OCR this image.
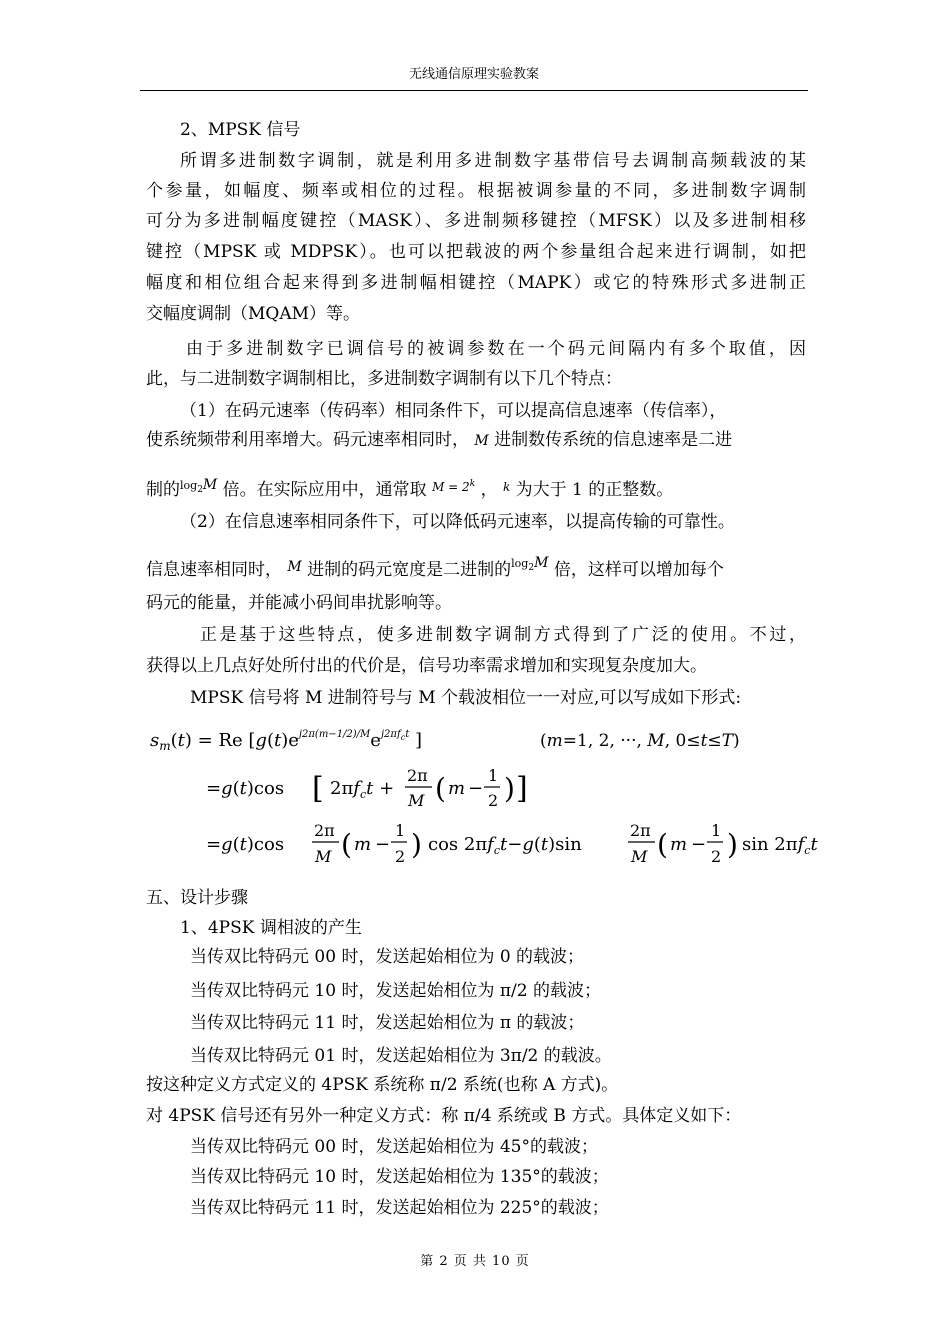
无线通信原理实验教案
2、MPSK 信号
所谓多进制数字调制，就是利用多进制数字基带信号去调制高频载波的某
个参量，如幅度、频率或相位的过程。根据被调参量的不同，多进制数字调制
可分为多进制幅度键控（MASK）、多进制频移键控（MFSK）以及多进制相移
键控（MPSK 或 MDPSK）。也可以把载波的两个参量组合起来进行调制，如把
幅度和相位组合起来得到多进制幅相键控（MAPK）或它的特殊形式多进制正
交幅度调制（MQAM）等。
由于多进制数字已调信号的被调参数在一个码元间隔内有多个取值，因
此，与二进制数字调制相比，多进制数字调制有以下几个特点：
（1）在码元速率（传码率）相同条件下，可以提高信息速率（传信率），
使系统频带利用率增大。码元速率相同时， M 进制数传系统的信息速率是二进
制的$^{log_2M}$ 倍。在实际应用中，通常取 $^{M = 2^k}$ ， $^k$ 为大于 1 的正整数。
（2）在信息速率相同条件下，可以降低码元速率，以提高传输的可靠性。
信息速率相同时， $^M$ 进制的码元宽度是二进制的$^{log_2M}$ 倍，这样可以增加每个
码元的能量，并能减小码间串扰影响等。
正是基于这些特点，使多进制数字调制方式得到了广泛的使用。不过，
获得以上几点好处所付出的代价是，信号功率需求增加和实现复杂度加大。
MPSK 信号将 M 进制符号与 M 个载波相位一一对应,可以写成如下形式:
$s_m(t) = Re$ [$g(t)e^{j2\pi(m-1/2)/M}e^{j2\pi f}ct$ ]	(m=1, 2, ···, M, 0≤t≤T)
=g(t)cos [ $2\pi f_ct$ +
2π
M ( m −
1
2 ) ]
=g(t)cos
2π
M ( m −
1
2 ) $\cos 2\pi f_ct-g(t)\sin$
2π
M ( m −
1
2 ) $\sin 2\pi f_ct$
五、设计步骤
1、4PSK 调相波的产生
当传双比特码元 00 时，发送起始相位为 0 的载波；
当传双比特码元 10 时，发送起始相位为 π/2 的载波；
当传双比特码元 11 时，发送起始相位为 π 的载波；
当传双比特码元 01 时，发送起始相位为 3π/2 的载波。
按这种定义方式定义的 4PSK 系统称 π/2 系统(也称 A 方式)。
对 4PSK 信号还有另外一种定义方式：称 π/4 系统或 B 方式。具体定义如下：
当传双比特码元 00 时，发送起始相位为 45°的载波；
当传双比特码元 10 时，发送起始相位为 135°的载波；
当传双比特码元 11 时，发送起始相位为 225°的载波；
第 2 页 共 10 页
